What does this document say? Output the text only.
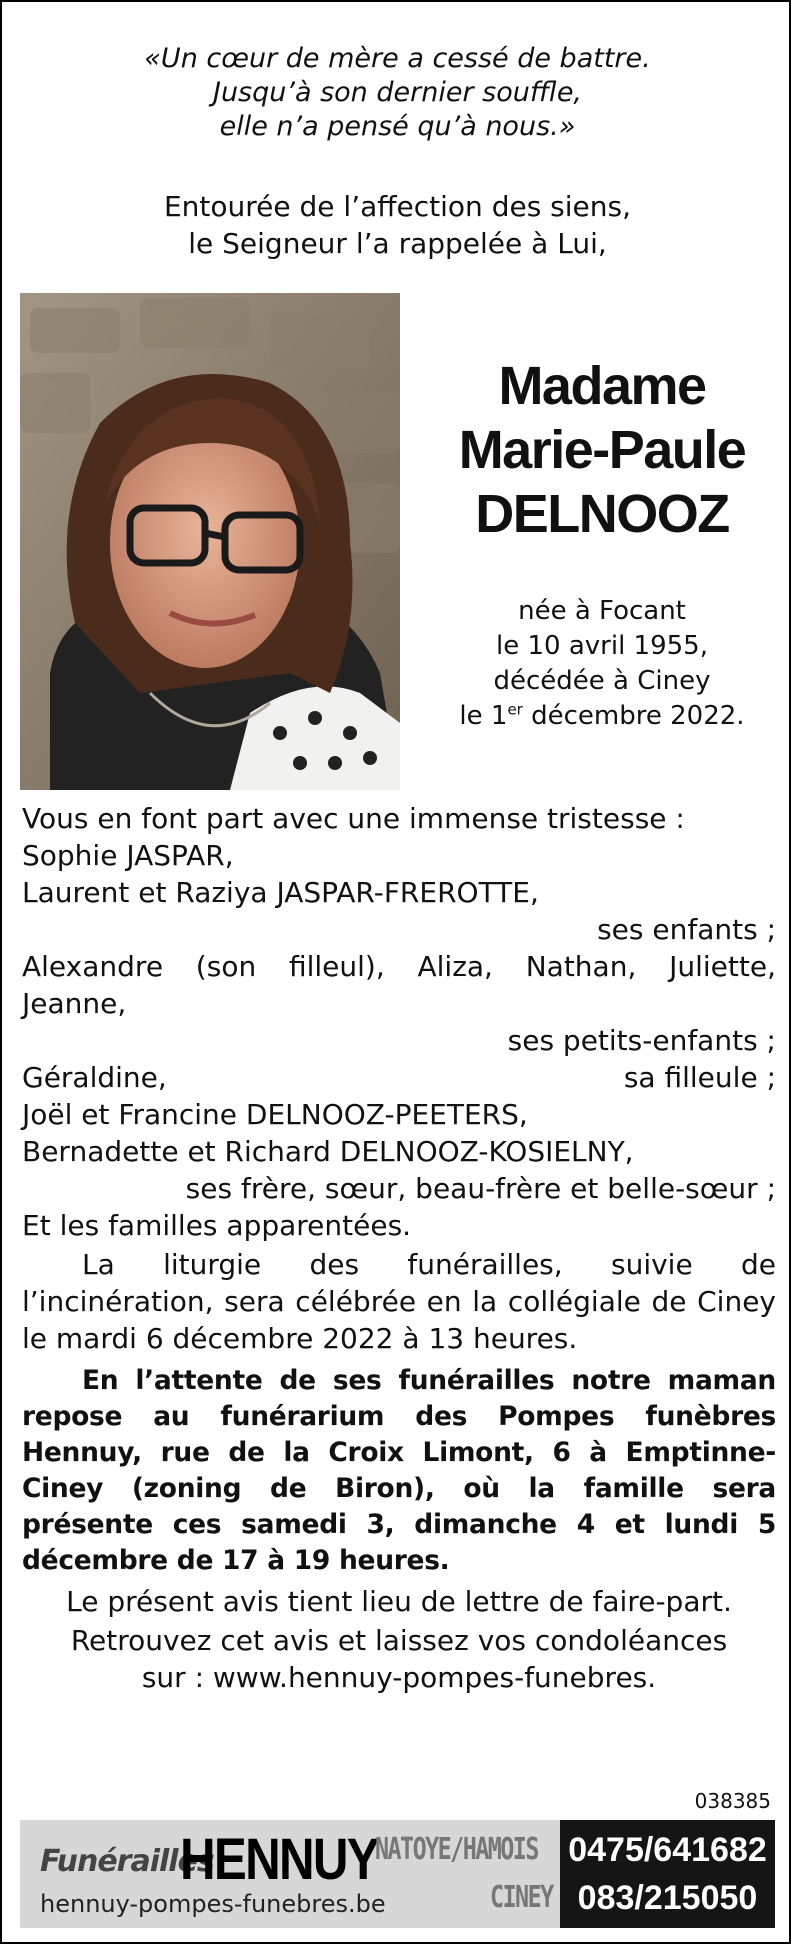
«Un cœur de mère a cessé de battre.
Jusqu’à son dernier souffle,
elle n’a pensé qu’à nous.»
Entourée de l’affection des siens,
le Seigneur l’a rappelée à Lui,
Madame
Marie-Paule
DELNOOZ
née à Focant
le 10 avril 1955,
décédée à Ciney
le 1er décembre 2022.
Vous en font part avec une immense tristesse :
Sophie JASPAR,
Laurent et Raziya JASPAR-FREROTTE,
ses enfants ;
Alexandre (son filleul), Aliza, Nathan, Juliette,
Jeanne,
ses petits-enfants ;
Géraldine,	sa filleule ;
Joël et Francine DELNOOZ-PEETERS,
Bernadette et Richard DELNOOZ-KOSIELNY,
ses frère, sœur, beau-frère et belle-sœur ;
Et les familles apparentées.
La liturgie des funérailles, suivie de l’incinération, sera célébrée en la collégiale de Ciney le mardi 6 décembre 2022 à 13 heures.
En l’attente de ses funérailles notre maman repose au funérarium des Pompes funèbres Hennuy, rue de la Croix Limont, 6 à Emptinne-Ciney (zoning de Biron), où la famille sera présente ces samedi 3, dimanche 4 et lundi 5 décembre de 17 à 19 heures.
Le présent avis tient lieu de lettre de faire-part.
Retrouvez cet avis et laissez vos condoléances
sur : www.hennuy-pompes-funebres.
038385
Funérailles
HENNUY
hennuy-pompes-funebres.be
NATOYE/HAMOIS
CINEY
0475/641682
083/215050
